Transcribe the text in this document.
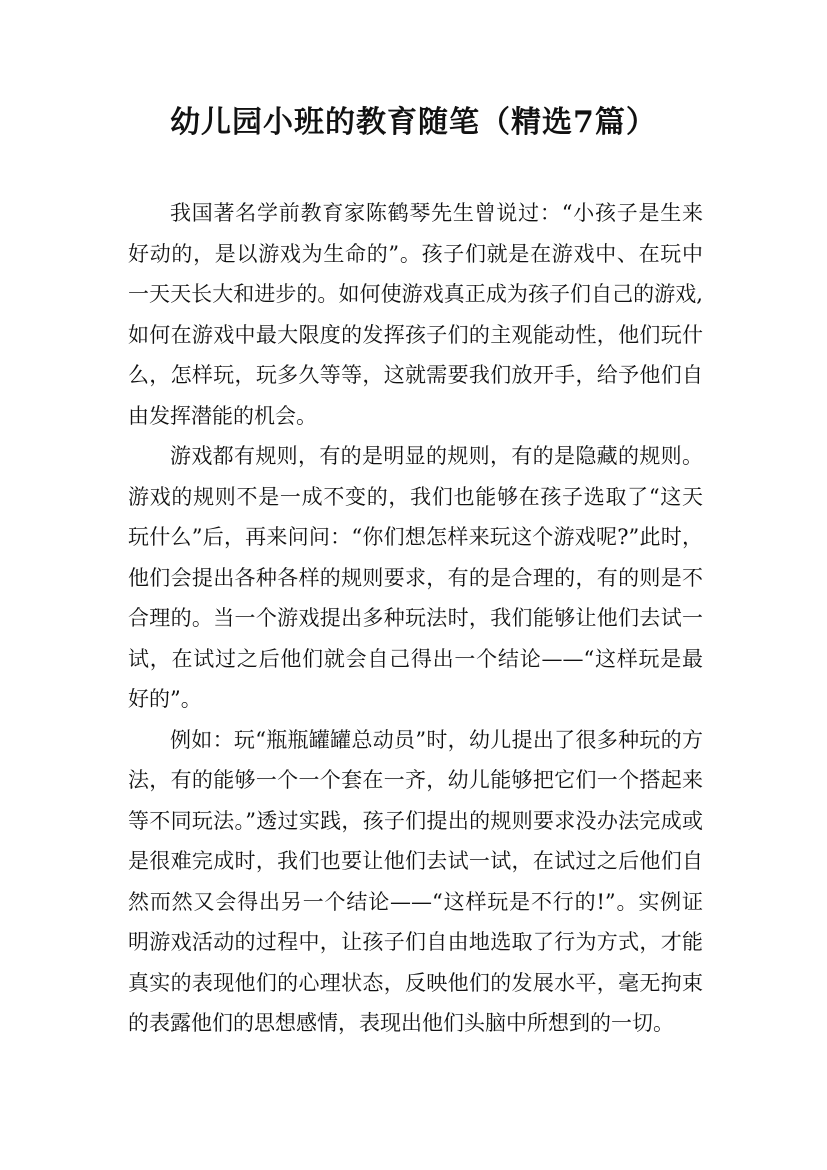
幼儿园小班的教育随笔（精选7篇）

我国著名学前教育家陈鹤琴先生曾说过：“小孩子是生来好动的，是以游戏为生命的”。孩子们就是在游戏中、在玩中一天天长大和进步的。如何使游戏真正成为孩子们自己的游戏,如何在游戏中最大限度的发挥孩子们的主观能动性，他们玩什么，怎样玩，玩多久等等，这就需要我们放开手，给予他们自由发挥潜能的机会。

游戏都有规则，有的是明显的规则，有的是隐藏的规则。游戏的规则不是一成不变的，我们也能够在孩子选取了“这天玩什么”后，再来问问：“你们想怎样来玩这个游戏呢?”此时，他们会提出各种各样的规则要求，有的是合理的，有的则是不合理的。当一个游戏提出多种玩法时，我们能够让他们去试一试，在试过之后他们就会自己得出一个结论——“这样玩是最好的”。

例如：玩“瓶瓶罐罐总动员”时，幼儿提出了很多种玩的方法，有的能够一个一个套在一齐，幼儿能够把它们一个搭起来等不同玩法。”透过实践，孩子们提出的规则要求没办法完成或是很难完成时，我们也要让他们去试一试，在试过之后他们自然而然又会得出另一个结论——“这样玩是不行的!”。实例证明游戏活动的过程中，让孩子们自由地选取了行为方式，才能真实的表现他们的心理状态，反映他们的发展水平，毫无拘束的表露他们的思想感情，表现出他们头脑中所想到的一切。
